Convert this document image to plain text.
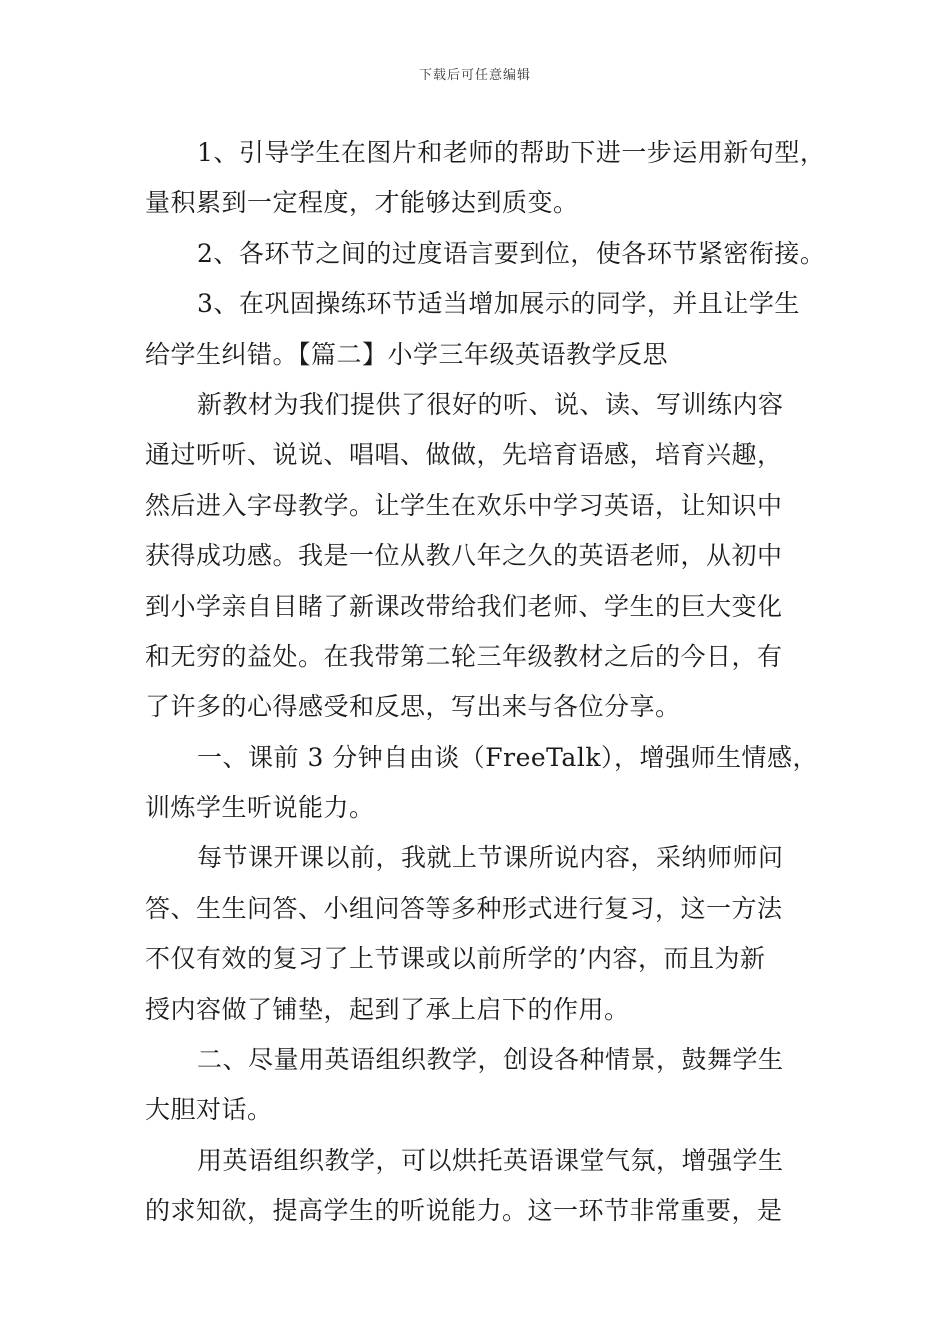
下载后可任意编辑
1、引导学生在图片和老师的帮助下进一步运用新句型，
量积累到一定程度，才能够达到质变。
2、各环节之间的过度语言要到位，使各环节紧密衔接。
3、在巩固操练环节适当增加展示的同学，并且让学生
给学生纠错。【篇二】小学三年级英语教学反思
新教材为我们提供了很好的听、说、读、写训练内容
通过听听、说说、唱唱、做做，先培育语感，培育兴趣，
然后进入字母教学。让学生在欢乐中学习英语，让知识中
获得成功感。我是一位从教八年之久的英语老师，从初中
到小学亲自目睹了新课改带给我们老师、学生的巨大变化
和无穷的益处。在我带第二轮三年级教材之后的今日，有
了许多的心得感受和反思，写出来与各位分享。
一、课前 3 分钟自由谈（FreeTalk），增强师生情感，
训炼学生听说能力。
每节课开课以前，我就上节课所说内容，采纳师师问
答、生生问答、小组问答等多种形式进行复习，这一方法
不仅有效的复习了上节课或以前所学的’内容，而且为新
授内容做了铺垫，起到了承上启下的作用。
二、尽量用英语组织教学，创设各种情景，鼓舞学生
大胆对话。
用英语组织教学，可以烘托英语课堂气氛，增强学生
的求知欲，提高学生的听说能力。这一环节非常重要，是
